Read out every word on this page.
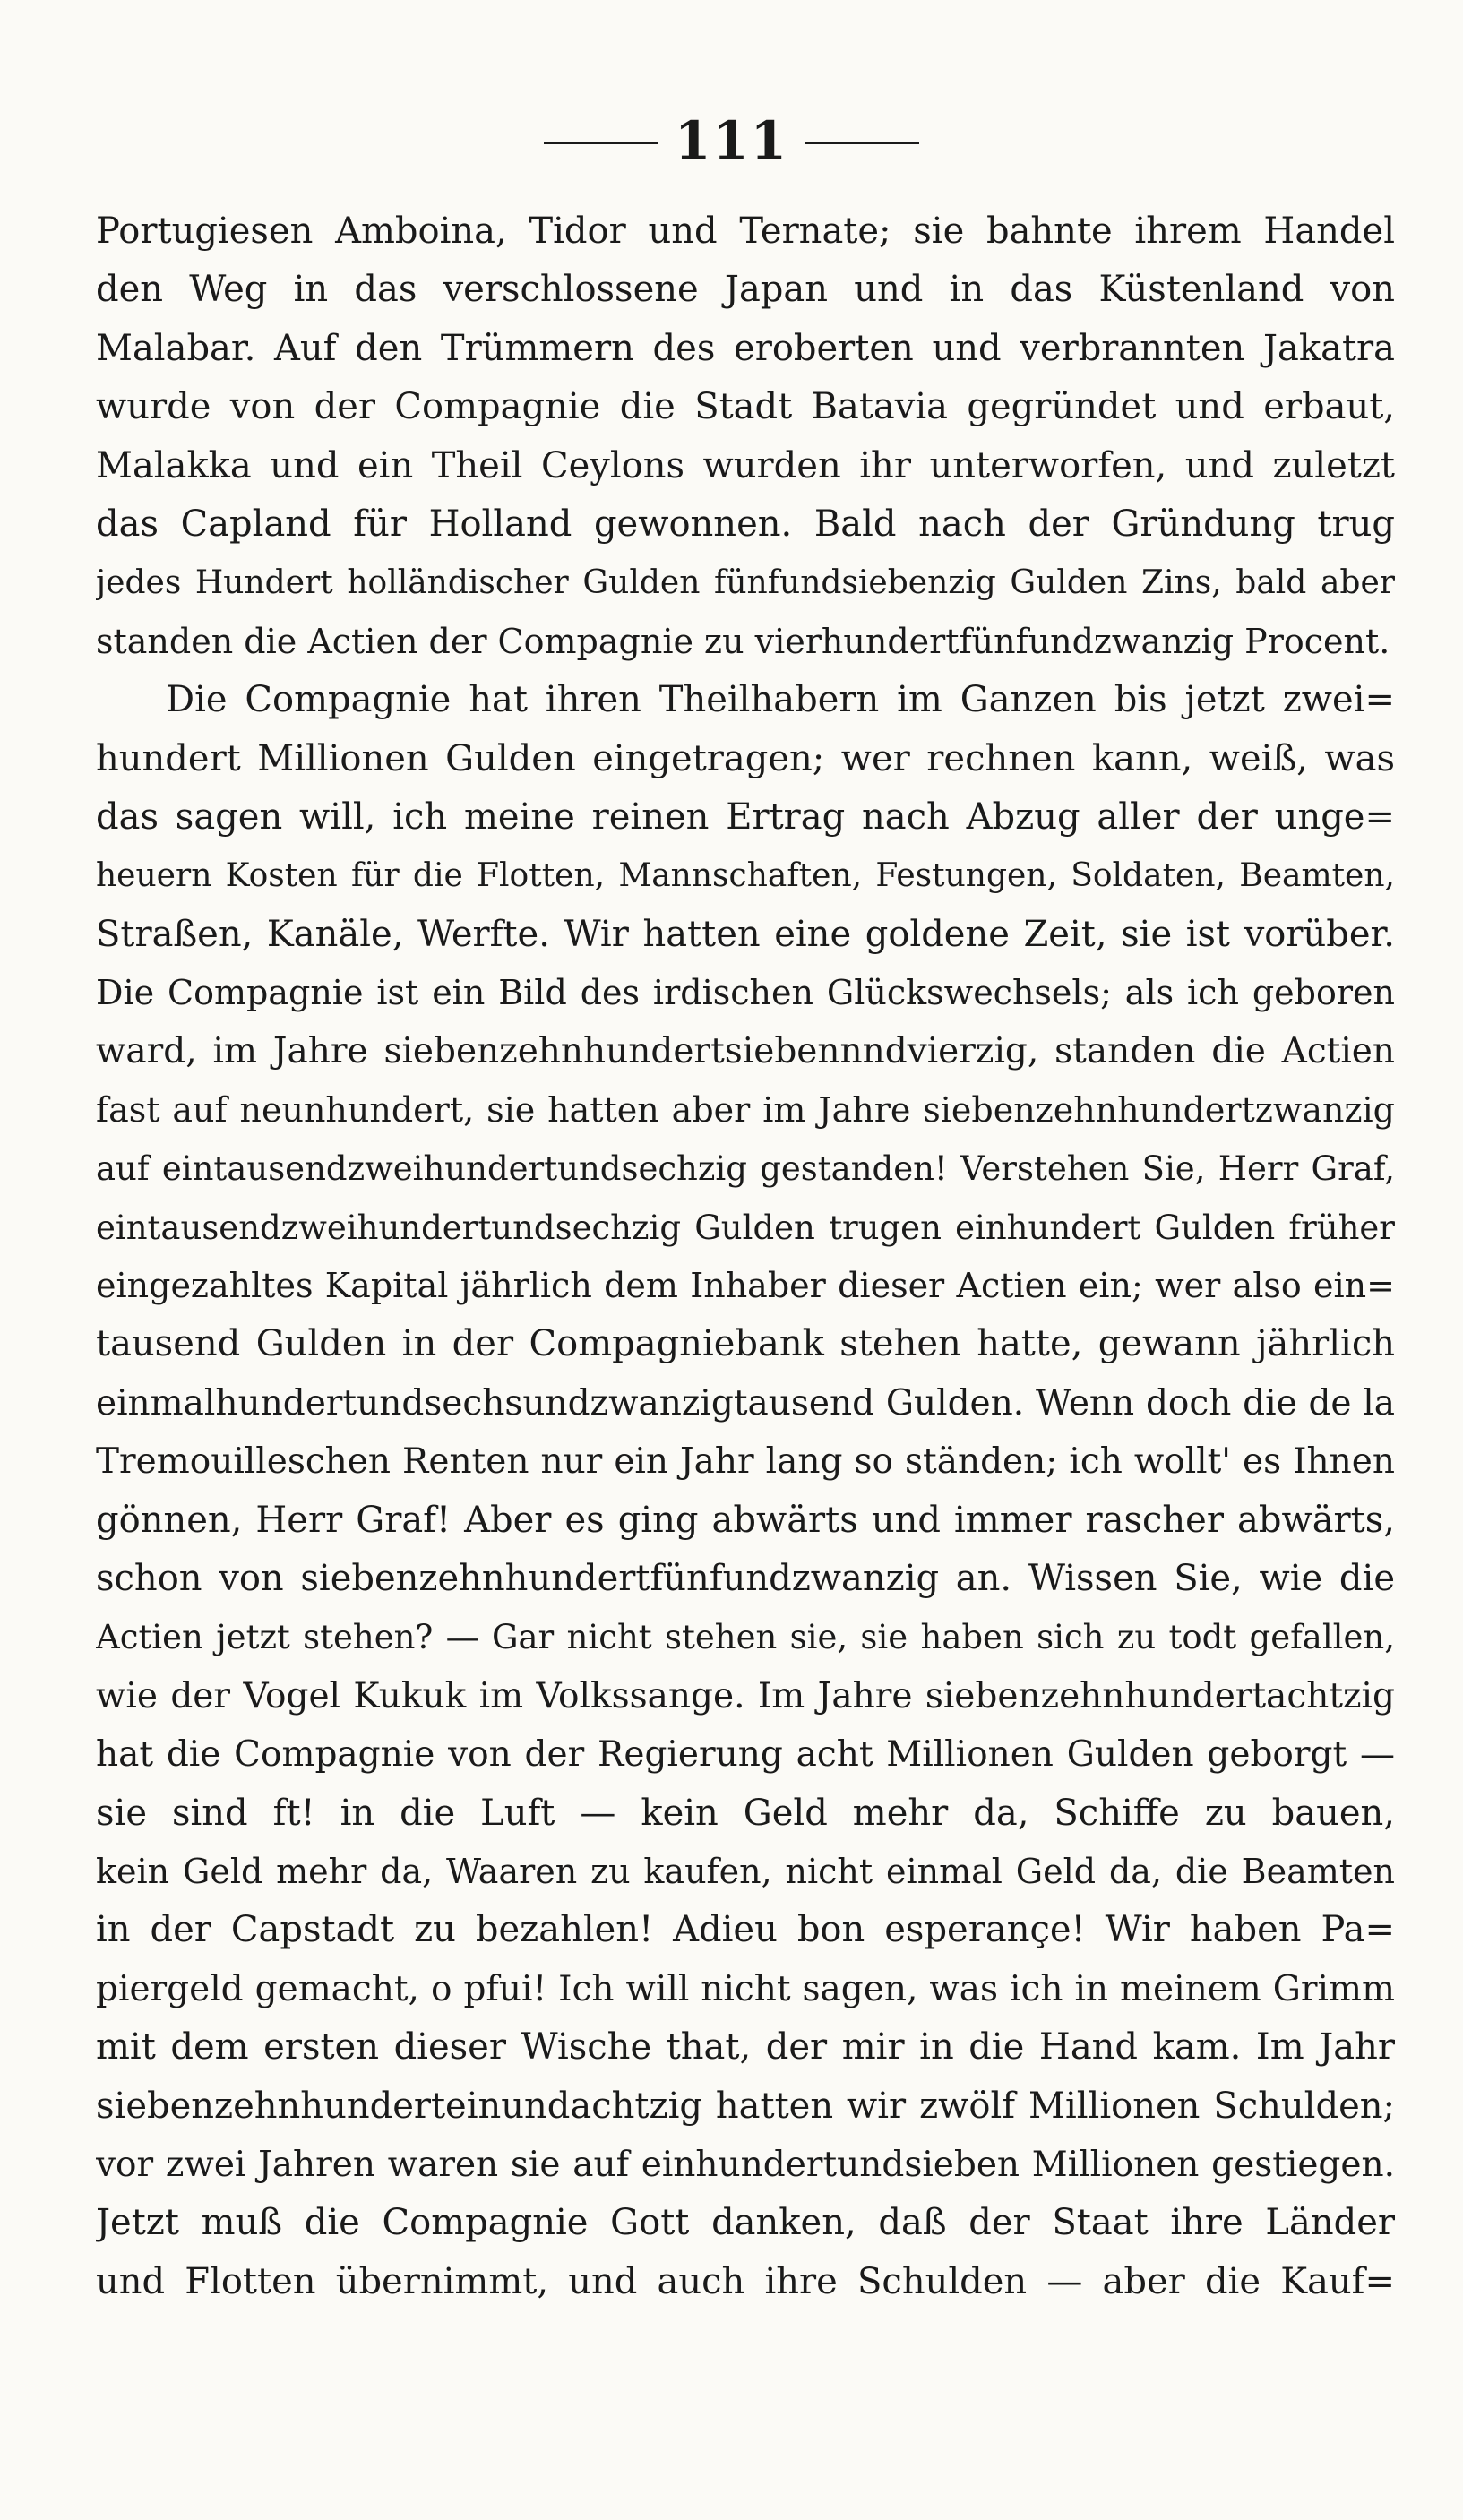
111
Portugiesen Amboina, Tidor und Ternate; sie bahnte ihrem Handel
den Weg in das verschlossene Japan und in das Küstenland von
Malabar. Auf den Trümmern des eroberten und verbrannten Jakatra
wurde von der Compagnie die Stadt Batavia gegründet und erbaut,
Malakka und ein Theil Ceylons wurden ihr unterworfen, und zuletzt
das Capland für Holland gewonnen. Bald nach der Gründung trug
jedes Hundert holländischer Gulden fünfundsiebenzig Gulden Zins, bald aber
standen die Actien der Compagnie zu vierhundertfünfundzwanzig Procent.
Die Compagnie hat ihren Theilhabern im Ganzen bis jetzt zwei=
hundert Millionen Gulden eingetragen; wer rechnen kann, weiß, was
das sagen will, ich meine reinen Ertrag nach Abzug aller der unge=
heuern Kosten für die Flotten, Mannschaften, Festungen, Soldaten, Beamten,
Straßen, Kanäle, Werfte. Wir hatten eine goldene Zeit, sie ist vorüber.
Die Compagnie ist ein Bild des irdischen Glückswechsels; als ich geboren
ward, im Jahre siebenzehnhundertsiebennndvierzig, standen die Actien
fast auf neunhundert, sie hatten aber im Jahre siebenzehnhundertzwanzig
auf eintausendzweihundertundsechzig gestanden! Verstehen Sie, Herr Graf,
eintausendzweihundertundsechzig Gulden trugen einhundert Gulden früher
eingezahltes Kapital jährlich dem Inhaber dieser Actien ein; wer also ein=
tausend Gulden in der Compagniebank stehen hatte, gewann jährlich
einmalhundertundsechsundzwanzigtausend Gulden. Wenn doch die de la
Tremouilleschen Renten nur ein Jahr lang so ständen; ich wollt' es Ihnen
gönnen, Herr Graf! Aber es ging abwärts und immer rascher abwärts,
schon von siebenzehnhundertfünfundzwanzig an. Wissen Sie, wie die
Actien jetzt stehen? — Gar nicht stehen sie, sie haben sich zu todt gefallen,
wie der Vogel Kukuk im Volkssange. Im Jahre siebenzehnhundertachtzig
hat die Compagnie von der Regierung acht Millionen Gulden geborgt —
sie sind ft! in die Luft — kein Geld mehr da, Schiffe zu bauen,
kein Geld mehr da, Waaren zu kaufen, nicht einmal Geld da, die Beamten
in der Capstadt zu bezahlen! Adieu bon esperançe! Wir haben Pa=
piergeld gemacht, o pfui! Ich will nicht sagen, was ich in meinem Grimm
mit dem ersten dieser Wische that, der mir in die Hand kam. Im Jahr
siebenzehnhunderteinundachtzig hatten wir zwölf Millionen Schulden;
vor zwei Jahren waren sie auf einhundertundsieben Millionen gestiegen.
Jetzt muß die Compagnie Gott danken, daß der Staat ihre Länder
und Flotten übernimmt, und auch ihre Schulden — aber die Kauf=
